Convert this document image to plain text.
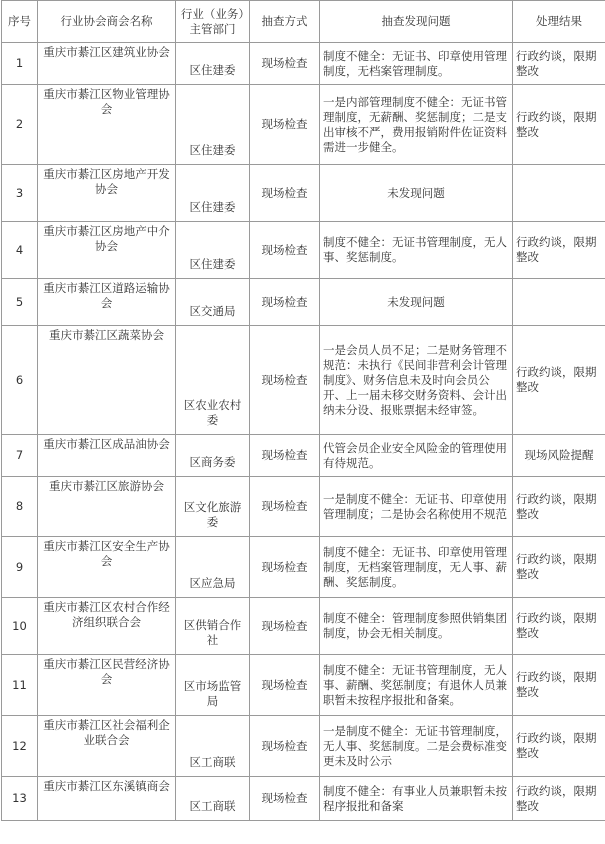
序号	行业协会商会名称	行业（业务）主管部门	抽查方式	抽查发现问题	处理结果
1	重庆市綦江区建筑业协会	区住建委	现场检查	制度不健全：无证书、印章使用管理制度，无档案管理制度。	行政约谈，限期整改
2	重庆市綦江区物业管理协会	区住建委	现场检查	一是内部管理制度不健全：无证书管理制度，无薪酬、奖惩制度；二是支出审核不严，费用报销附件佐证资料需进一步健全。	行政约谈，限期整改
3	重庆市綦江区房地产开发协会	区住建委	现场检查	未发现问题	
4	重庆市綦江区房地产中介协会	区住建委	现场检查	制度不健全：无证书管理制度，无人事、奖惩制度。	行政约谈，限期整改
5	重庆市綦江区道路运输协会	区交通局	现场检查	未发现问题	
6	重庆市綦江区蔬菜协会	区农业农村委	现场检查	一是会员人员不足；二是财务管理不规范：未执行《民间非营利会计管理制度》、财务信息未及时向会员公开、上一届未移交财务资料、会计出纳未分设、报账票据未经审签。	行政约谈，限期整改
7	重庆市綦江区成品油协会	区商务委	现场检查	代管会员企业安全风险金的管理使用有待规范。	现场风险提醒
8	重庆市綦江区旅游协会	区文化旅游委	现场检查	一是制度不健全：无证书、印章使用管理制度；二是协会名称使用不规范	行政约谈，限期整改
9	重庆市綦江区安全生产协会	区应急局	现场检查	制度不健全：无证书、印章使用管理制度，无档案管理制度，无人事、薪酬、奖惩制度。	行政约谈，限期整改
10	重庆市綦江区农村合作经济组织联合会	区供销合作社	现场检查	制度不健全：管理制度参照供销集团制度，协会无相关制度。	行政约谈，限期整改
11	重庆市綦江区民营经济协会	区市场监管局	现场检查	制度不健全：无证书管理制度，无人事、薪酬、奖惩制度；有退休人员兼职暂未按程序报批和备案。	行政约谈，限期整改
12	重庆市綦江区社会福利企业联合会	区工商联	现场检查	一是制度不健全：无证书管理制度，无人事、奖惩制度。二是会费标准变更未及时公示	行政约谈，限期整改
13	重庆市綦江区东溪镇商会	区工商联	现场检查	制度不健全：有事业人员兼职暂未按程序报批和备案	行政约谈，限期整改
